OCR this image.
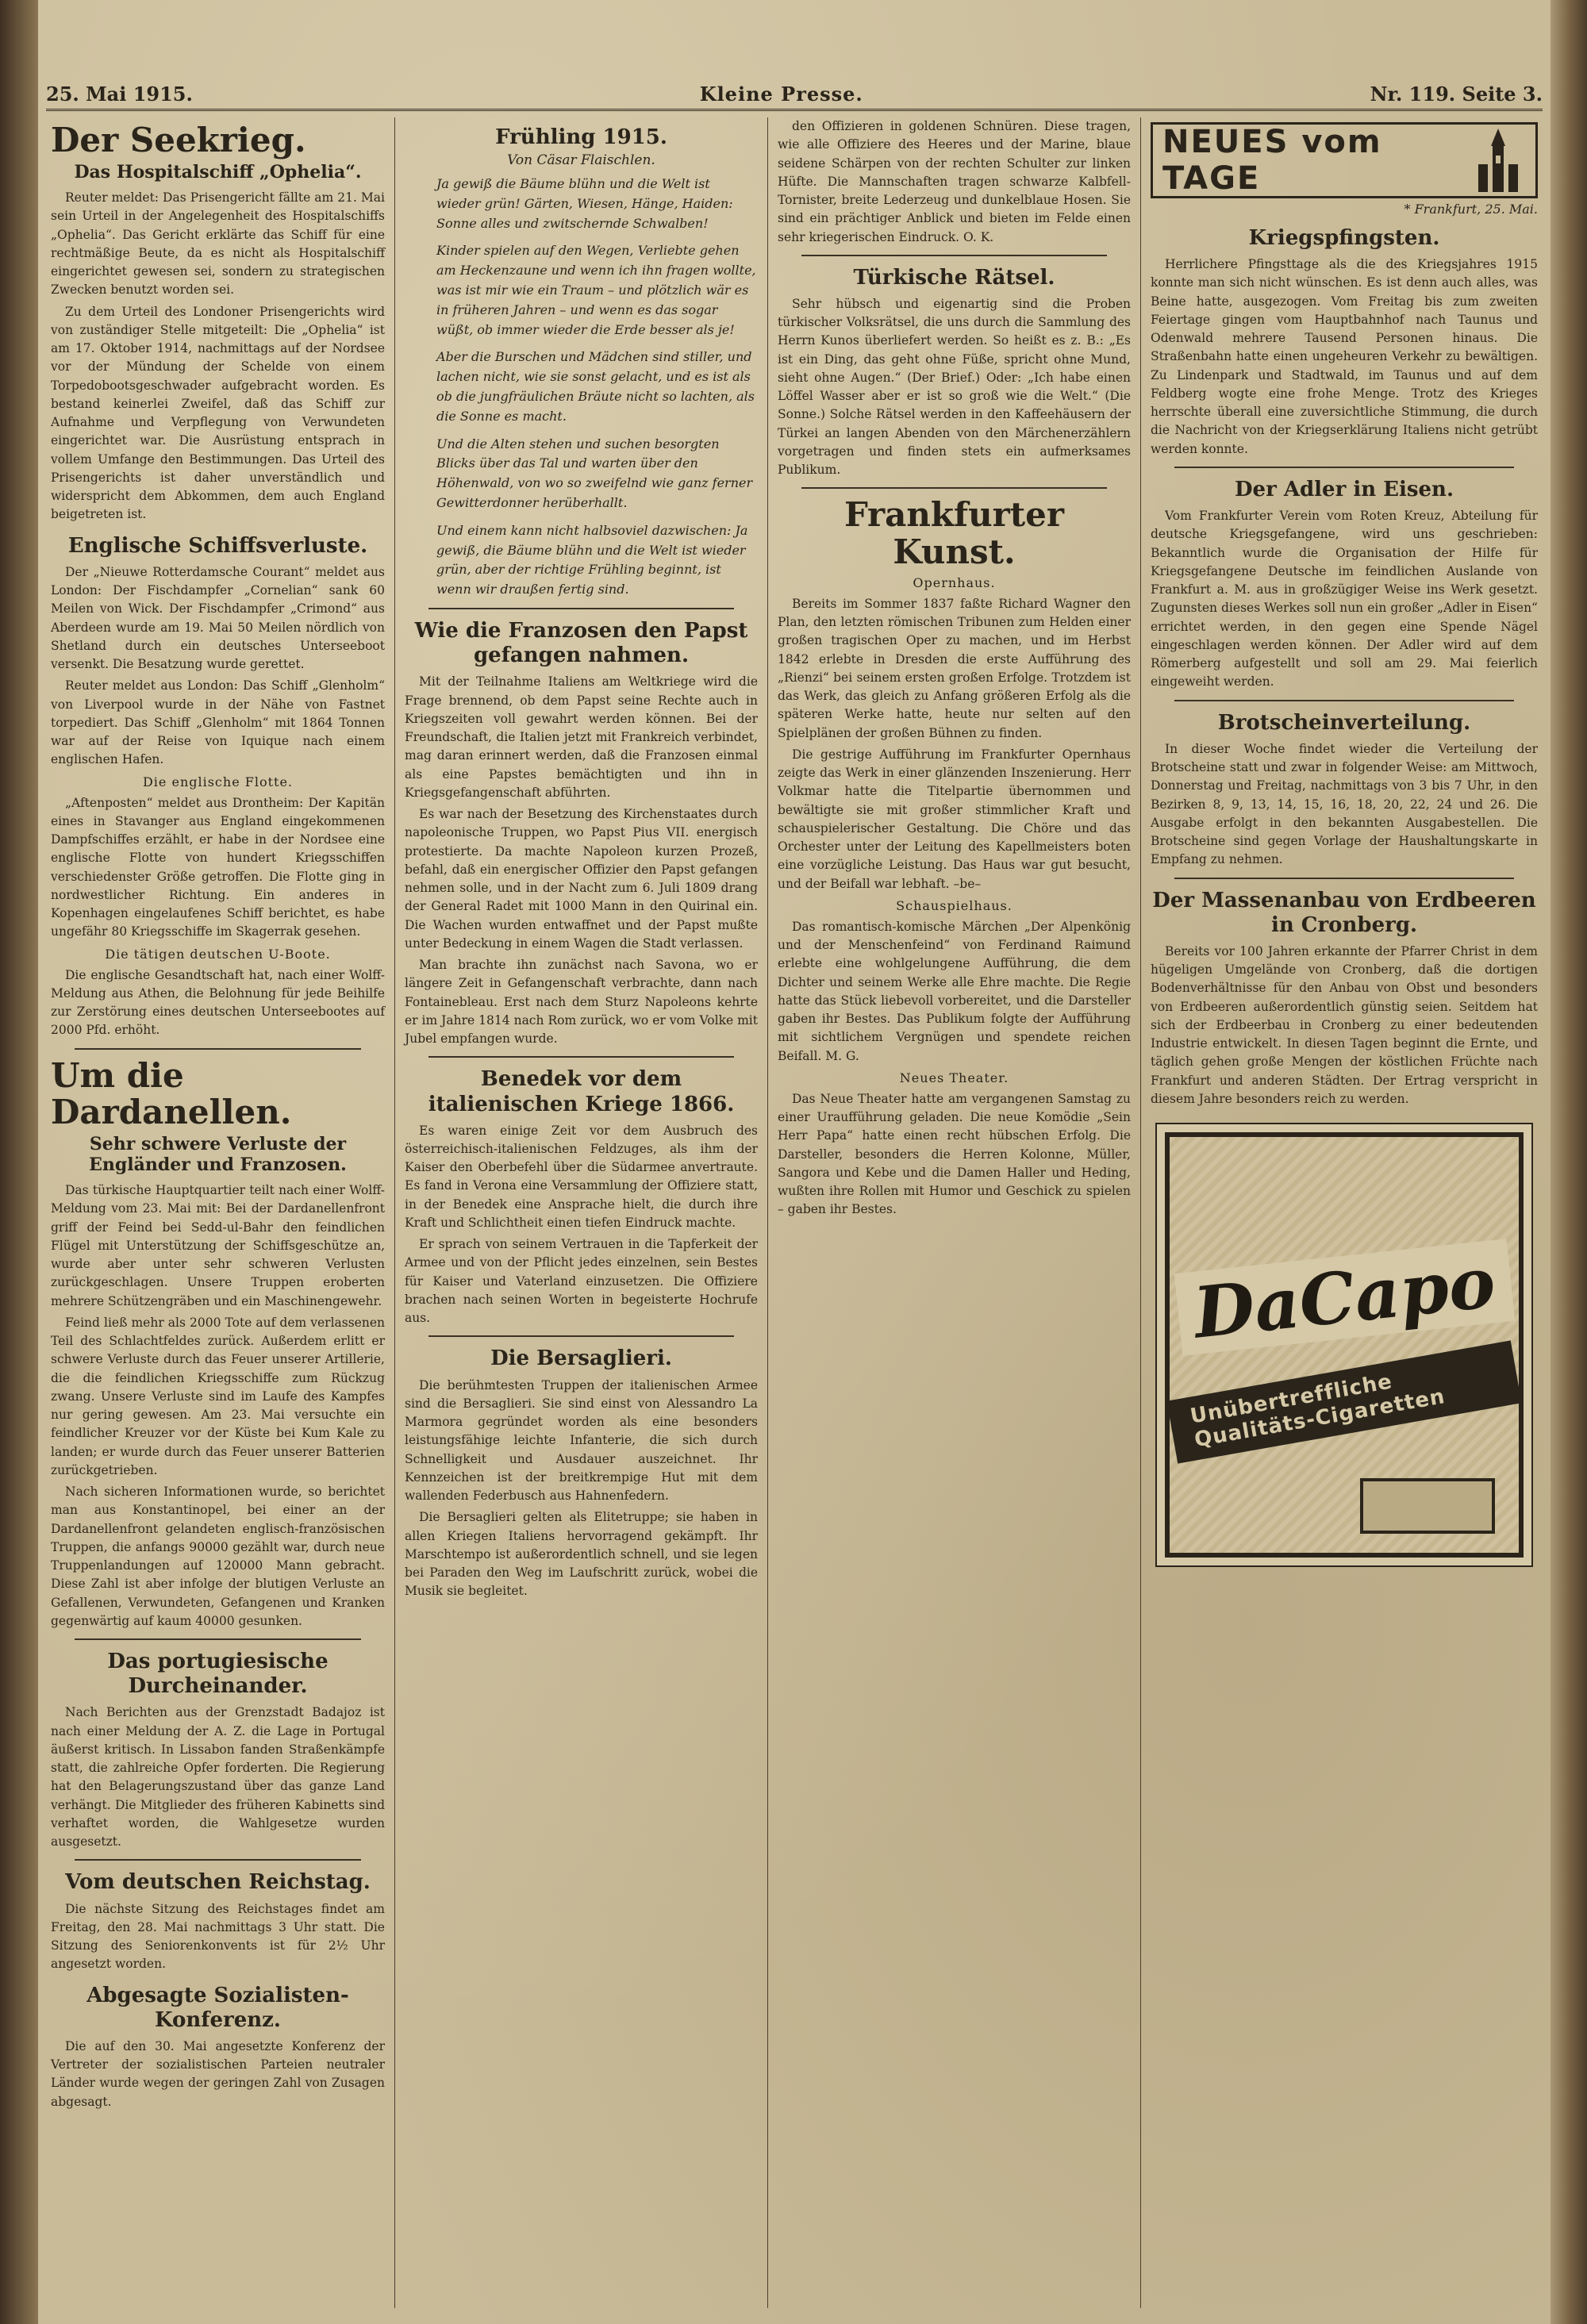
25. Mai 1915.	Kleine Presse.	Nr. 119. Seite 3.
Der Seekrieg.
Das Hospitalschiff „Ophelia“.

Reuter meldet: Das Prisengericht fällte am 21. Mai sein Urteil in der Angelegenheit des Hospitalschiffs „Ophelia“. Das Gericht erklärte das Schiff für eine rechtmäßige Beute, da es nicht als Hospitalschiff eingerichtet gewesen sei, sondern zu strategischen Zwecken benutzt worden sei.

Zu dem Urteil des Londoner Prisengerichts wird von zuständiger Stelle mitgeteilt: Die „Ophelia“ ist am 17. Oktober 1914, nachmittags auf der Nordsee vor der Mündung der Schelde von einem Torpedobootsgeschwader aufgebracht worden. Es bestand keinerlei Zweifel, daß das Schiff zur Aufnahme und Verpflegung von Verwundeten eingerichtet war. Die Ausrüstung entsprach in vollem Umfange den Bestimmungen. Das Urteil des Prisengerichts ist daher unverständlich und widerspricht dem Abkommen, dem auch England beigetreten ist.

Englische Schiffsverluste.

Der „Nieuwe Rotterdamsche Courant“ meldet aus London: Der Fischdampfer „Cornelian“ sank 60 Meilen von Wick. Der Fischdampfer „Crimond“ aus Aberdeen wurde am 19. Mai 50 Meilen nördlich von Shetland durch ein deutsches Unterseeboot versenkt. Die Besatzung wurde gerettet.

Reuter meldet aus London: Das Schiff „Glenholm“ von Liverpool wurde in der Nähe von Fastnet torpediert. Das Schiff „Glenholm“ mit 1864 Tonnen war auf der Reise von Iquique nach einem englischen Hafen.

Die englische Flotte.

„Aftenposten“ meldet aus Drontheim: Der Kapitän eines in Stavanger aus England eingekommenen Dampfschiffes erzählt, er habe in der Nordsee eine englische Flotte von hundert Kriegsschiffen verschiedenster Größe getroffen. Die Flotte ging in nordwestlicher Richtung. Ein anderes in Kopenhagen eingelaufenes Schiff berichtet, es habe ungefähr 80 Kriegsschiffe im Skagerrak gesehen.

Die tätigen deutschen U-Boote.

Die englische Gesandtschaft hat, nach einer Wolff-Meldung aus Athen, die Belohnung für jede Beihilfe zur Zerstörung eines deutschen Unterseebootes auf 2000 Pfd. erhöht.

Um die Dardanellen.
Sehr schwere Verluste der Engländer und Franzosen.

Das türkische Hauptquartier teilt nach einer Wolff-Meldung vom 23. Mai mit: Bei der Dardanellenfront griff der Feind bei Sedd-ul-Bahr den feindlichen Flügel mit Unterstützung der Schiffsgeschütze an, wurde aber unter sehr schweren Verlusten zurückgeschlagen. Unsere Truppen eroberten mehrere Schützengräben und ein Maschinengewehr.

Feind ließ mehr als 2000 Tote auf dem verlassenen Teil des Schlachtfeldes zurück. Außerdem erlitt er schwere Verluste durch das Feuer unserer Artillerie, die die feindlichen Kriegsschiffe zum Rückzug zwang. Unsere Verluste sind im Laufe des Kampfes nur gering gewesen. Am 23. Mai versuchte ein feindlicher Kreuzer vor der Küste bei Kum Kale zu landen; er wurde durch das Feuer unserer Batterien zurückgetrieben.

Nach sicheren Informationen wurde, so berichtet man aus Konstantinopel, bei einer an der Dardanellenfront gelandeten englisch-französischen Truppen, die anfangs 90000 gezählt war, durch neue Truppenlandungen auf 120000 Mann gebracht. Diese Zahl ist aber infolge der blutigen Verluste an Gefallenen, Verwundeten, Gefangenen und Kranken gegenwärtig auf kaum 40000 gesunken.

Das portugiesische Durcheinander.

Nach Berichten aus der Grenzstadt Badajoz ist nach einer Meldung der A. Z. die Lage in Portugal äußerst kritisch. In Lissabon fanden Straßenkämpfe statt, die zahlreiche Opfer forderten. Die Regierung hat den Belagerungszustand über das ganze Land verhängt. Die Mitglieder des früheren Kabinetts sind verhaftet worden, die Wahlgesetze wurden ausgesetzt.

Vom deutschen Reichstag.

Die nächste Sitzung des Reichstages findet am Freitag, den 28. Mai nachmittags 3 Uhr statt. Die Sitzung des Seniorenkonvents ist für 2½ Uhr angesetzt worden.

Abgesagte Sozialisten-Konferenz.

Die auf den 30. Mai angesetzte Konferenz der Vertreter der sozialistischen Parteien neutraler Länder wurde wegen der geringen Zahl von Zusagen abgesagt.

Frühling 1915.
Von Cäsar Flaischlen.
Ja gewiß die Bäume blühn und die Welt ist wieder grün! Gärten, Wiesen, Hänge, Haiden: Sonne alles und zwitschernde Schwalben!
Kinder spielen auf den Wegen, Verliebte gehen am Heckenzaune und wenn ich ihn fragen wollte, was ist mir wie ein Traum – und plötzlich wär es in früheren Jahren – und wenn es das sogar wüßt, ob immer wieder die Erde besser als je!
Aber die Burschen und Mädchen sind stiller, und lachen nicht, wie sie sonst gelacht, und es ist als ob die jungfräulichen Bräute nicht so lachten, als die Sonne es macht.
Und die Alten stehen und suchen besorgten Blicks über das Tal und warten über den Höhenwald, von wo so zweifelnd wie ganz ferner Gewitterdonner herüberhallt.
Und einem kann nicht halbsoviel dazwischen: Ja gewiß, die Bäume blühn und die Welt ist wieder grün, aber der richtige Frühling beginnt, ist wenn wir draußen fertig sind.
Wie die Franzosen den Papst gefangen nahmen.

Mit der Teilnahme Italiens am Weltkriege wird die Frage brennend, ob dem Papst seine Rechte auch in Kriegszeiten voll gewahrt werden können. Bei der Freundschaft, die Italien jetzt mit Frankreich verbindet, mag daran erinnert werden, daß die Franzosen einmal als eine Papstes bemächtigten und ihn in Kriegsgefangenschaft abführten.

Es war nach der Besetzung des Kirchenstaates durch napoleonische Truppen, wo Papst Pius VII. energisch protestierte. Da machte Napoleon kurzen Prozeß, befahl, daß ein energischer Offizier den Papst gefangen nehmen solle, und in der Nacht zum 6. Juli 1809 drang der General Radet mit 1000 Mann in den Quirinal ein. Die Wachen wurden entwaffnet und der Papst mußte unter Bedeckung in einem Wagen die Stadt verlassen.

Man brachte ihn zunächst nach Savona, wo er längere Zeit in Gefangenschaft verbrachte, dann nach Fontainebleau. Erst nach dem Sturz Napoleons kehrte er im Jahre 1814 nach Rom zurück, wo er vom Volke mit Jubel empfangen wurde.

Benedek vor dem italienischen Kriege 1866.

Es waren einige Zeit vor dem Ausbruch des österreichisch-italienischen Feldzuges, als ihm der Kaiser den Oberbefehl über die Südarmee anvertraute. Es fand in Verona eine Versammlung der Offiziere statt, in der Benedek eine Ansprache hielt, die durch ihre Kraft und Schlichtheit einen tiefen Eindruck machte.

Er sprach von seinem Vertrauen in die Tapferkeit der Armee und von der Pflicht jedes einzelnen, sein Bestes für Kaiser und Vaterland einzusetzen. Die Offiziere brachen nach seinen Worten in begeisterte Hochrufe aus.

Die Bersaglieri.

Die berühmtesten Truppen der italienischen Armee sind die Bersaglieri. Sie sind einst von Alessandro La Marmora gegründet worden als eine besonders leistungsfähige leichte Infanterie, die sich durch Schnelligkeit und Ausdauer auszeichnet. Ihr Kennzeichen ist der breitkrempige Hut mit dem wallenden Federbusch aus Hahnenfedern.

Die Bersaglieri gelten als Elitetruppe; sie haben in allen Kriegen Italiens hervorragend gekämpft. Ihr Marschtempo ist außerordentlich schnell, und sie legen bei Paraden den Weg im Laufschritt zurück, wobei die Musik sie begleitet.

den Offizieren in goldenen Schnüren. Diese tragen, wie alle Offiziere des Heeres und der Marine, blaue seidene Schärpen von der rechten Schulter zur linken Hüfte. Die Mannschaften tragen schwarze Kalbfell-Tornister, breite Lederzeug und dunkelblaue Hosen. Sie sind ein prächtiger Anblick und bieten im Felde einen sehr kriegerischen Eindruck. O. K.

Türkische Rätsel.

Sehr hübsch und eigenartig sind die Proben türkischer Volksrätsel, die uns durch die Sammlung des Herrn Kunos überliefert werden. So heißt es z. B.: „Es ist ein Ding, das geht ohne Füße, spricht ohne Mund, sieht ohne Augen.“ (Der Brief.) Oder: „Ich habe einen Löffel Wasser aber er ist so groß wie die Welt.“ (Die Sonne.) Solche Rätsel werden in den Kaffeehäusern der Türkei an langen Abenden von den Märchenerzählern vorgetragen und finden stets ein aufmerksames Publikum.

Frankfurter Kunst.
Opernhaus.

Bereits im Sommer 1837 faßte Richard Wagner den Plan, den letzten römischen Tribunen zum Helden einer großen tragischen Oper zu machen, und im Herbst 1842 erlebte in Dresden die erste Aufführung des „Rienzi“ bei seinem ersten großen Erfolge. Trotzdem ist das Werk, das gleich zu Anfang größeren Erfolg als die späteren Werke hatte, heute nur selten auf den Spielplänen der großen Bühnen zu finden.

Die gestrige Aufführung im Frankfurter Opernhaus zeigte das Werk in einer glänzenden Inszenierung. Herr Volkmar hatte die Titelpartie übernommen und bewältigte sie mit großer stimmlicher Kraft und schauspielerischer Gestaltung. Die Chöre und das Orchester unter der Leitung des Kapellmeisters boten eine vorzügliche Leistung. Das Haus war gut besucht, und der Beifall war lebhaft. –be–

Schauspielhaus.

Das romantisch-komische Märchen „Der Alpenkönig und der Menschenfeind“ von Ferdinand Raimund erlebte eine wohlgelungene Aufführung, die dem Dichter und seinem Werke alle Ehre machte. Die Regie hatte das Stück liebevoll vorbereitet, und die Darsteller gaben ihr Bestes. Das Publikum folgte der Aufführung mit sichtlichem Vergnügen und spendete reichen Beifall. M. G.

Neues Theater.

Das Neue Theater hatte am vergangenen Samstag zu einer Uraufführung geladen. Die neue Komödie „Sein Herr Papa“ hatte einen recht hübschen Erfolg. Die Darsteller, besonders die Herren Kolonne, Müller, Sangora und Kebe und die Damen Haller und Heding, wußten ihre Rollen mit Humor und Geschick zu spielen – gaben ihr Bestes.

NEUES vom TAGE
* Frankfurt, 25. Mai.
Kriegspfingsten.

Herrlichere Pfingsttage als die des Kriegsjahres 1915 konnte man sich nicht wünschen. Es ist denn auch alles, was Beine hatte, ausgezogen. Vom Freitag bis zum zweiten Feiertage gingen vom Hauptbahnhof nach Taunus und Odenwald mehrere Tausend Personen hinaus. Die Straßenbahn hatte einen ungeheuren Verkehr zu bewältigen. Zu Lindenpark und Stadtwald, im Taunus und auf dem Feldberg wogte eine frohe Menge. Trotz des Krieges herrschte überall eine zuversichtliche Stimmung, die durch die Nachricht von der Kriegserklärung Italiens nicht getrübt werden konnte.

Der Adler in Eisen.

Vom Frankfurter Verein vom Roten Kreuz, Abteilung für deutsche Kriegsgefangene, wird uns geschrieben: Bekanntlich wurde die Organisation der Hilfe für Kriegsgefangene Deutsche im feindlichen Auslande von Frankfurt a. M. aus in großzügiger Weise ins Werk gesetzt. Zugunsten dieses Werkes soll nun ein großer „Adler in Eisen“ errichtet werden, in den gegen eine Spende Nägel eingeschlagen werden können. Der Adler wird auf dem Römerberg aufgestellt und soll am 29. Mai feierlich eingeweiht werden.

Brotscheinverteilung.

In dieser Woche findet wieder die Verteilung der Brotscheine statt und zwar in folgender Weise: am Mittwoch, Donnerstag und Freitag, nachmittags von 3 bis 7 Uhr, in den Bezirken 8, 9, 13, 14, 15, 16, 18, 20, 22, 24 und 26. Die Ausgabe erfolgt in den bekannten Ausgabestellen. Die Brotscheine sind gegen Vorlage der Haushaltungskarte in Empfang zu nehmen.

Der Massenanbau von Erdbeeren in Cronberg.

Bereits vor 100 Jahren erkannte der Pfarrer Christ in dem hügeligen Umgelände von Cronberg, daß die dortigen Bodenverhältnisse für den Anbau von Obst und besonders von Erdbeeren außerordentlich günstig seien. Seitdem hat sich der Erdbeerbau in Cronberg zu einer bedeutenden Industrie entwickelt. In diesen Tagen beginnt die Ernte, und täglich gehen große Mengen der köstlichen Früchte nach Frankfurt und anderen Städten. Der Ertrag verspricht in diesem Jahre besonders reich zu werden.

DaCapo
Unübertreffliche Qualitäts-Cigaretten
